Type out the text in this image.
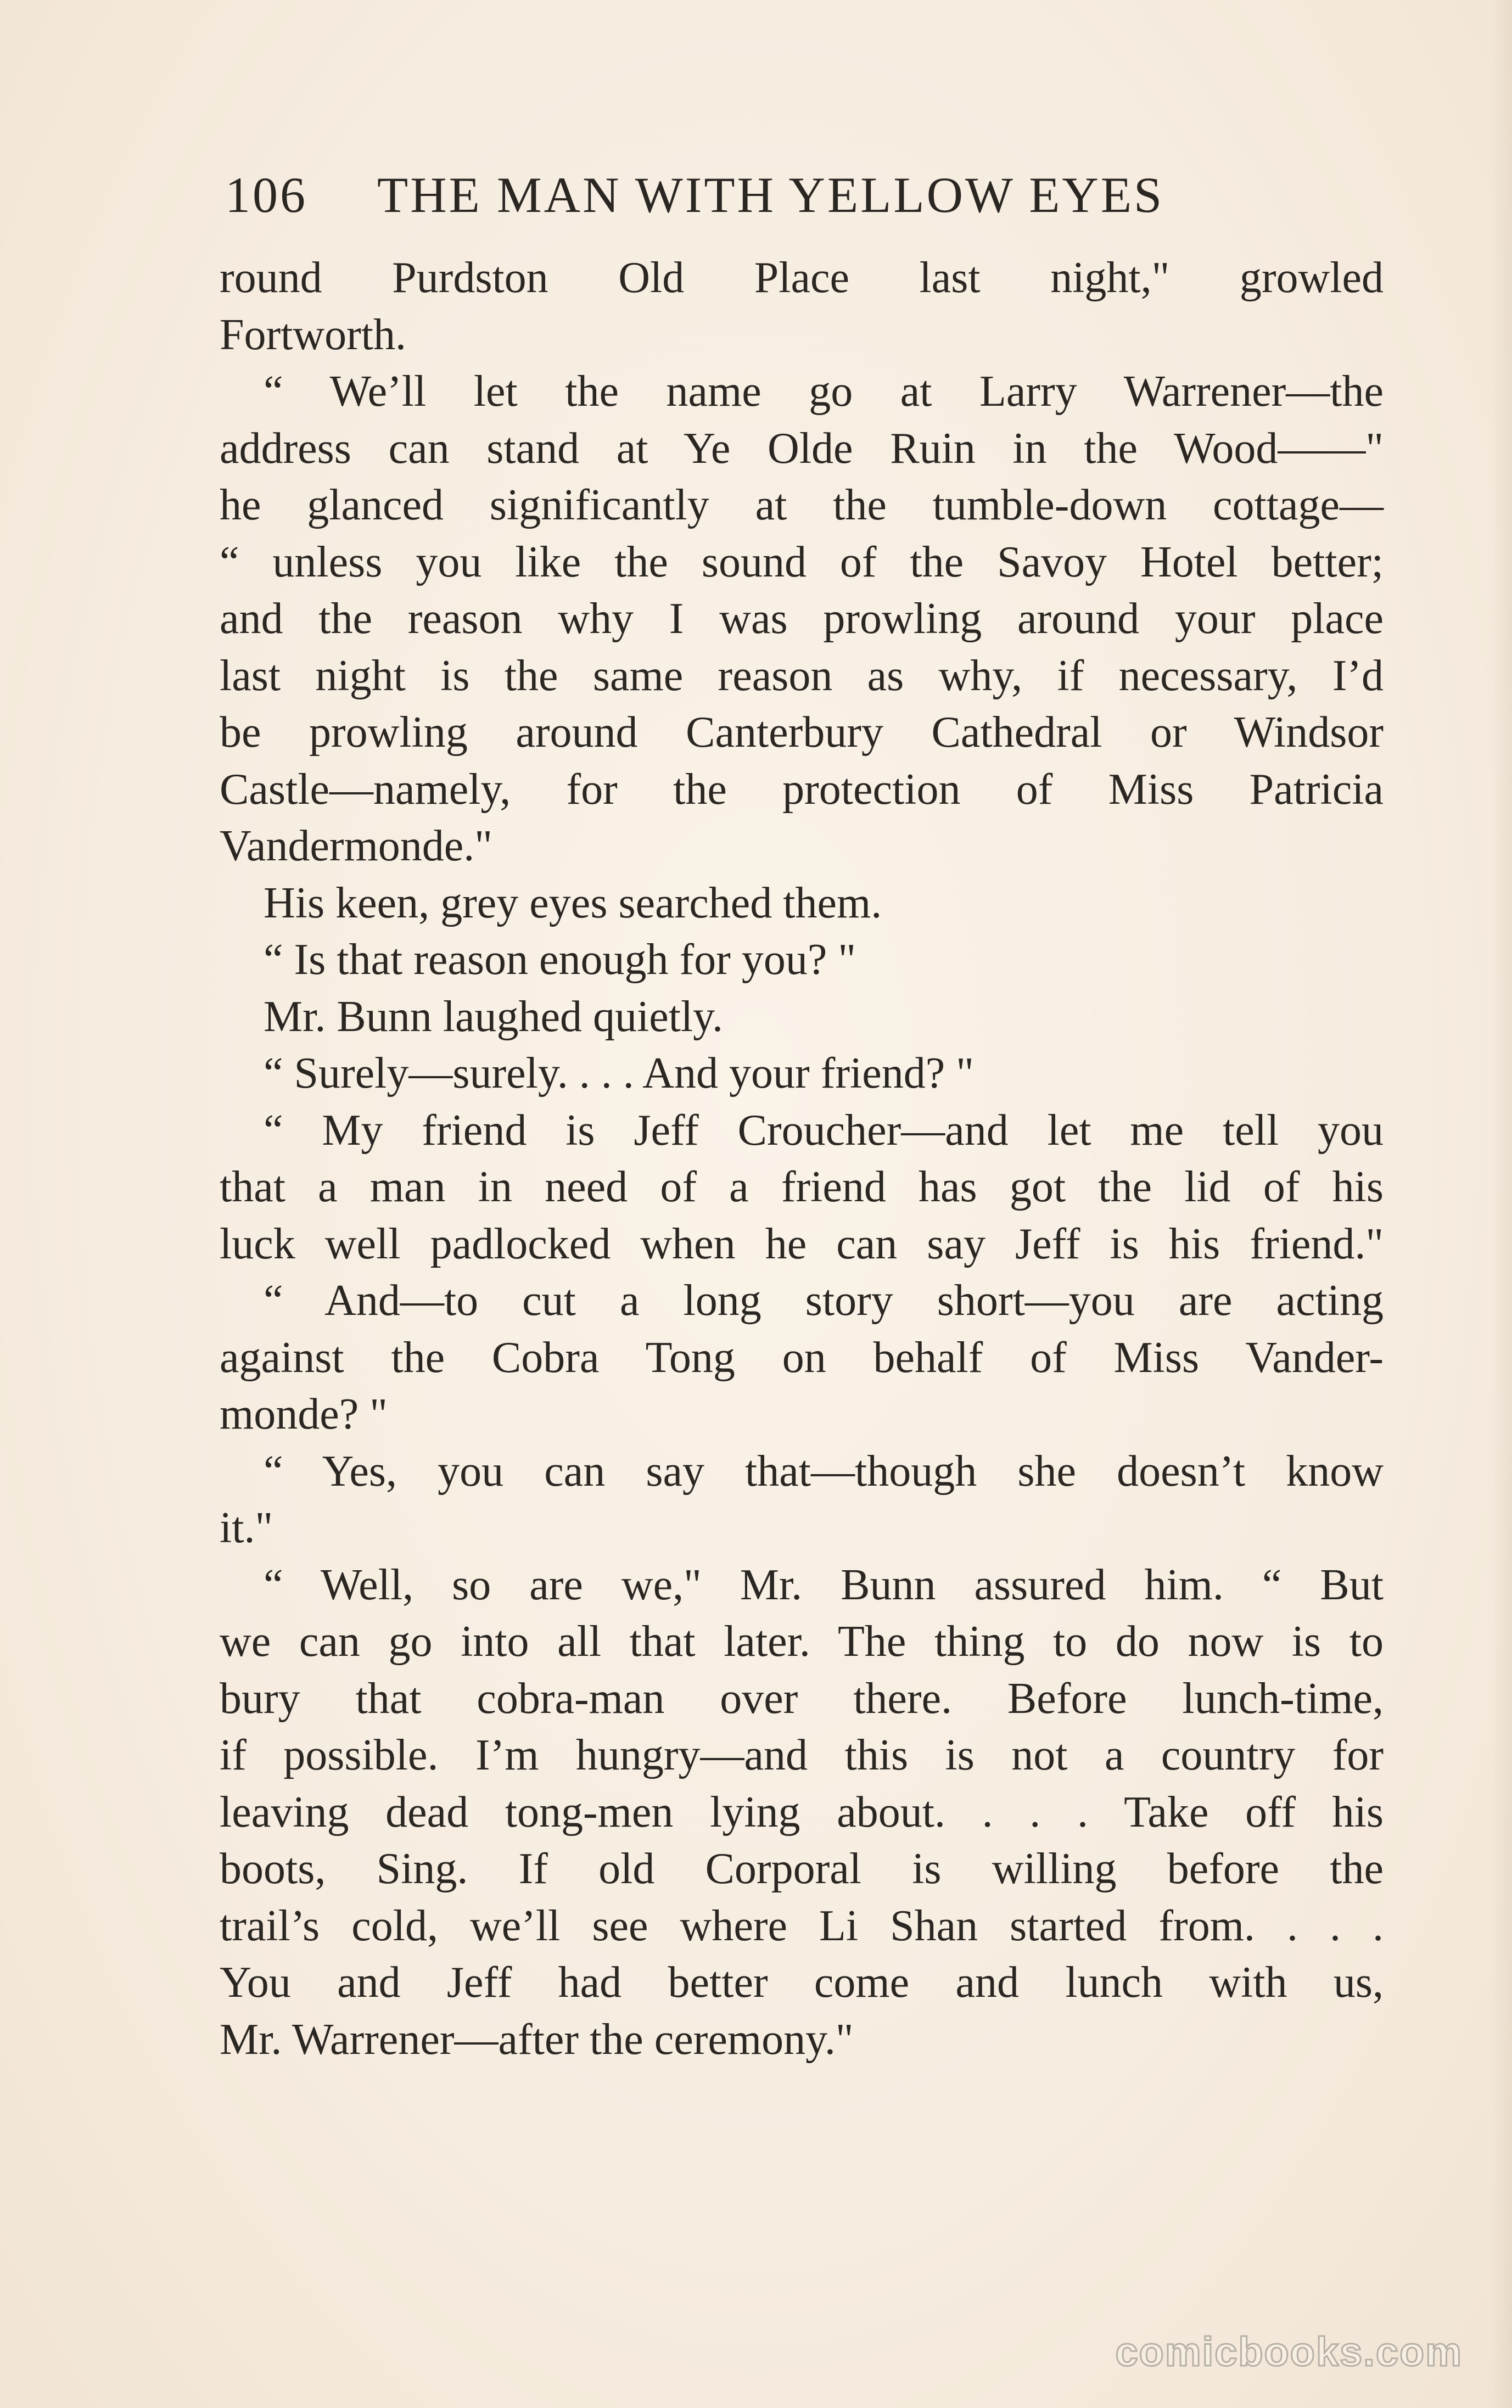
106 THE MAN WITH YELLOW EYES
round Purdston Old Place last night," growled
Fortworth.
“ We’ll let the name go at Larry Warrener—the
address can stand at Ye Olde Ruin in the Wood——"
he glanced significantly at the tumble-down cottage—
“ unless you like the sound of the Savoy Hotel better;
and the reason why I was prowling around your place
last night is the same reason as why, if necessary, I’d
be prowling around Canterbury Cathedral or Windsor
Castle—namely, for the protection of Miss Patricia
Vandermonde."
His keen, grey eyes searched them.
“ Is that reason enough for you? "
Mr. Bunn laughed quietly.
“ Surely—surely. . . . And your friend? "
“ My friend is Jeff Croucher—and let me tell you
that a man in need of a friend has got the lid of his
luck well padlocked when he can say Jeff is his friend."
“ And—to cut a long story short—you are acting
against the Cobra Tong on behalf of Miss Vander-
monde? "
“ Yes, you can say that—though she doesn’t know
it."
“ Well, so are we," Mr. Bunn assured him. “ But
we can go into all that later. The thing to do now is to
bury that cobra-man over there. Before lunch-time,
if possible. I’m hungry—and this is not a country for
leaving dead tong-men lying about. . . . Take off his
boots, Sing. If old Corporal is willing before the
trail’s cold, we’ll see where Li Shan started from. . . .
You and Jeff had better come and lunch with us,
Mr. Warrener—after the ceremony."
comicbooks.com
